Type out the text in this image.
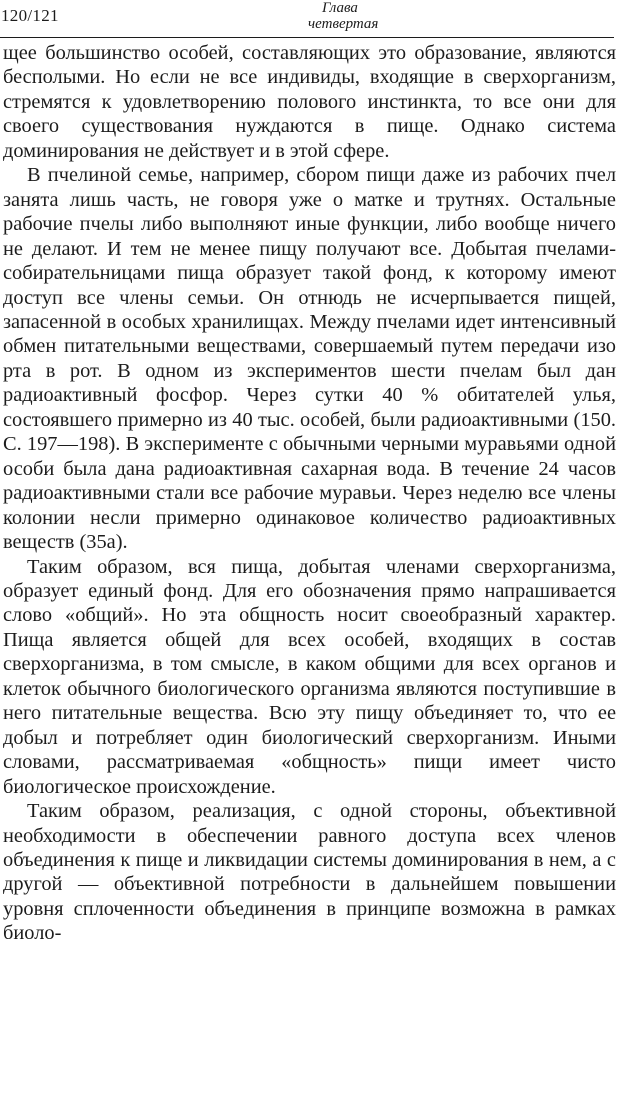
120/121	Глава
четвертая

щее большинство особей, составляющих это образование, являются бесполыми. Но если не все индивиды, входящие в сверхорганизм, стремятся к удовлетворению полового инстинкта, то все они для своего существования нуждаются в пище. Однако система доминирования не действует и в этой сфере.

В пчелиной семье, например, сбором пищи даже из рабочих пчел занята лишь часть, не говоря уже о матке и трутнях. Остальные рабочие пчелы либо выполняют иные функции, либо вообще ничего не делают. И тем не менее пищу получают все. Добытая пчелами-собирательницами пища образует такой фонд, к которому имеют доступ все члены семьи. Он отнюдь не исчерпывается пищей, запасенной в особых хранилищах. Между пчелами идет интенсивный обмен питательными веществами, совершаемый путем передачи изо рта в рот. В одном из экспериментов шести пчелам был дан радиоактивный фосфор. Через сутки 40 % обитателей улья, состоявшего примерно из 40 тыс. особей, были радиоактивными (150. С. 197—198). В эксперименте с обычными черными муравьями одной особи была дана радиоактивная сахарная вода. В течение 24 часов радиоактивными стали все рабочие муравьи. Через неделю все члены колонии несли примерно одинаковое количество радиоактивных веществ (35а).

Таким образом, вся пища, добытая членами сверхорганизма, образует единый фонд. Для его обозначения прямо напрашивается слово «общий». Но эта общность носит своеобразный характер. Пища является общей для всех особей, входящих в состав сверхорганизма, в том смысле, в каком общими для всех органов и клеток обычного биологического организма являются поступившие в него питательные вещества. Всю эту пищу объединяет то, что ее добыл и потребляет один биологический сверхорганизм. Иными словами, рассматриваемая «общность» пищи имеет чисто биологическое происхождение.

Таким образом, реализация, с одной стороны, объективной необходимости в обеспечении равного доступа всех членов объединения к пище и ликвидации системы доминирования в нем, а с другой — объективной потребности в дальнейшем повышении уровня сплоченности объединения в принципе возможна в рамках биоло-
